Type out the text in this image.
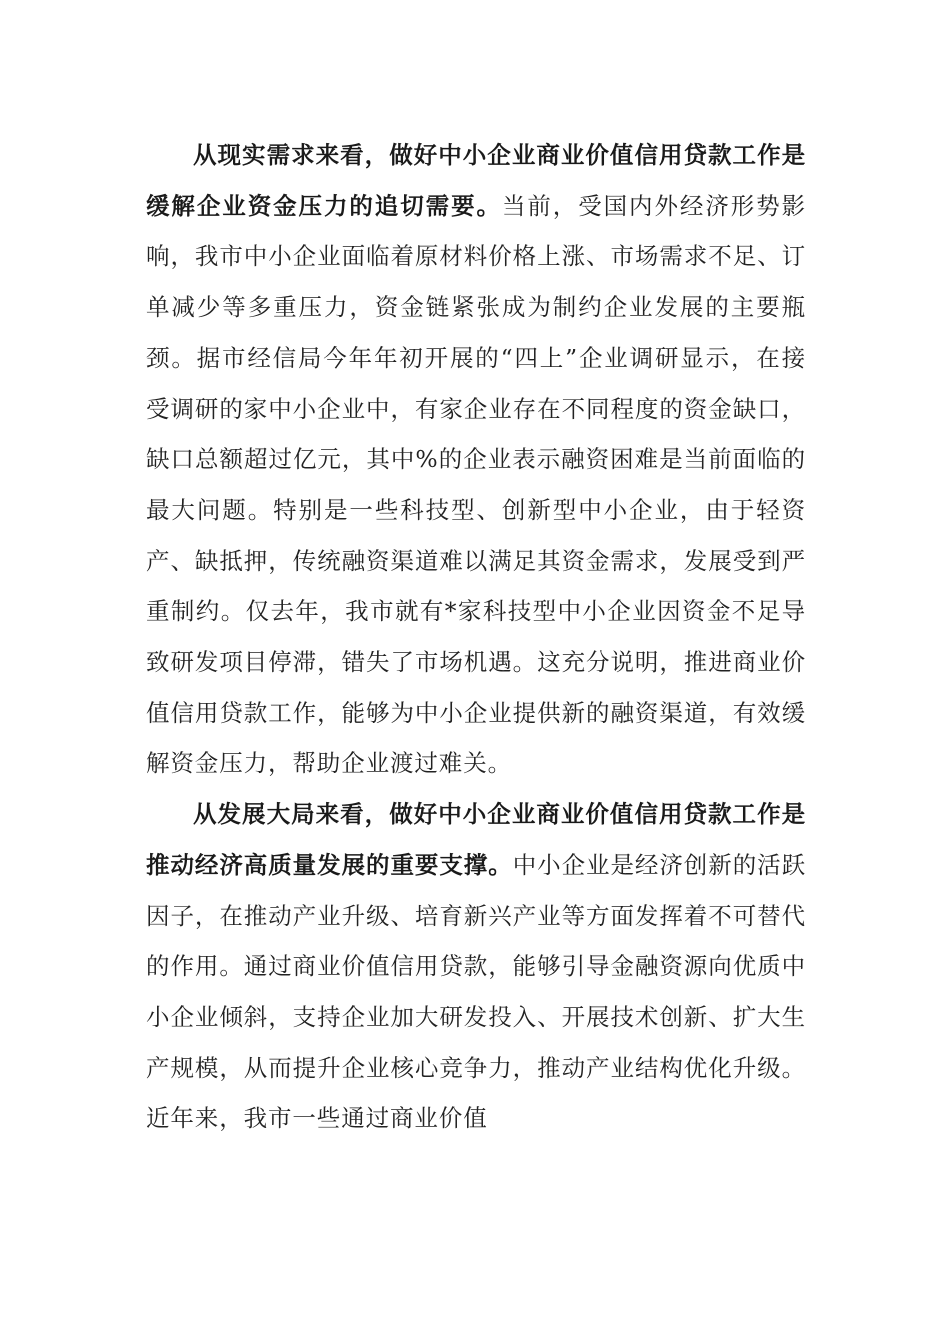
从现实需求来看，做好中小企业商业价值信用贷款工作是缓解企业资金压力的追切需要。当前，受国内外经济形势影响，我市中小企业面临着原材料价格上涨、市场需求不足、订单减少等多重压力，资金链紧张成为制约企业发展的主要瓶颈。据市经信局今年年初开展的“四上”企业调研显示，在接受调研的家中小企业中，有家企业存在不同程度的资金缺口，缺口总额超过亿元，其中%的企业表示融资困难是当前面临的最大问题。特别是一些科技型、创新型中小企业，由于轻资产、缺抵押，传统融资渠道难以满足其资金需求，发展受到严重制约。仅去年，我市就有*家科技型中小企业因资金不足导致研发项目停滞，错失了市场机遇。这充分说明，推进商业价值信用贷款工作，能够为中小企业提供新的融资渠道，有效缓解资金压力，帮助企业渡过难关。

从发展大局来看，做好中小企业商业价值信用贷款工作是推动经济高质量发展的重要支撑。中小企业是经济创新的活跃因子，在推动产业升级、培育新兴产业等方面发挥着不可替代的作用。通过商业价值信用贷款，能够引导金融资源向优质中小企业倾斜，支持企业加大研发投入、开展技术创新、扩大生产规模，从而提升企业核心竞争力，推动产业结构优化升级。近年来，我市一些通过商业价值
